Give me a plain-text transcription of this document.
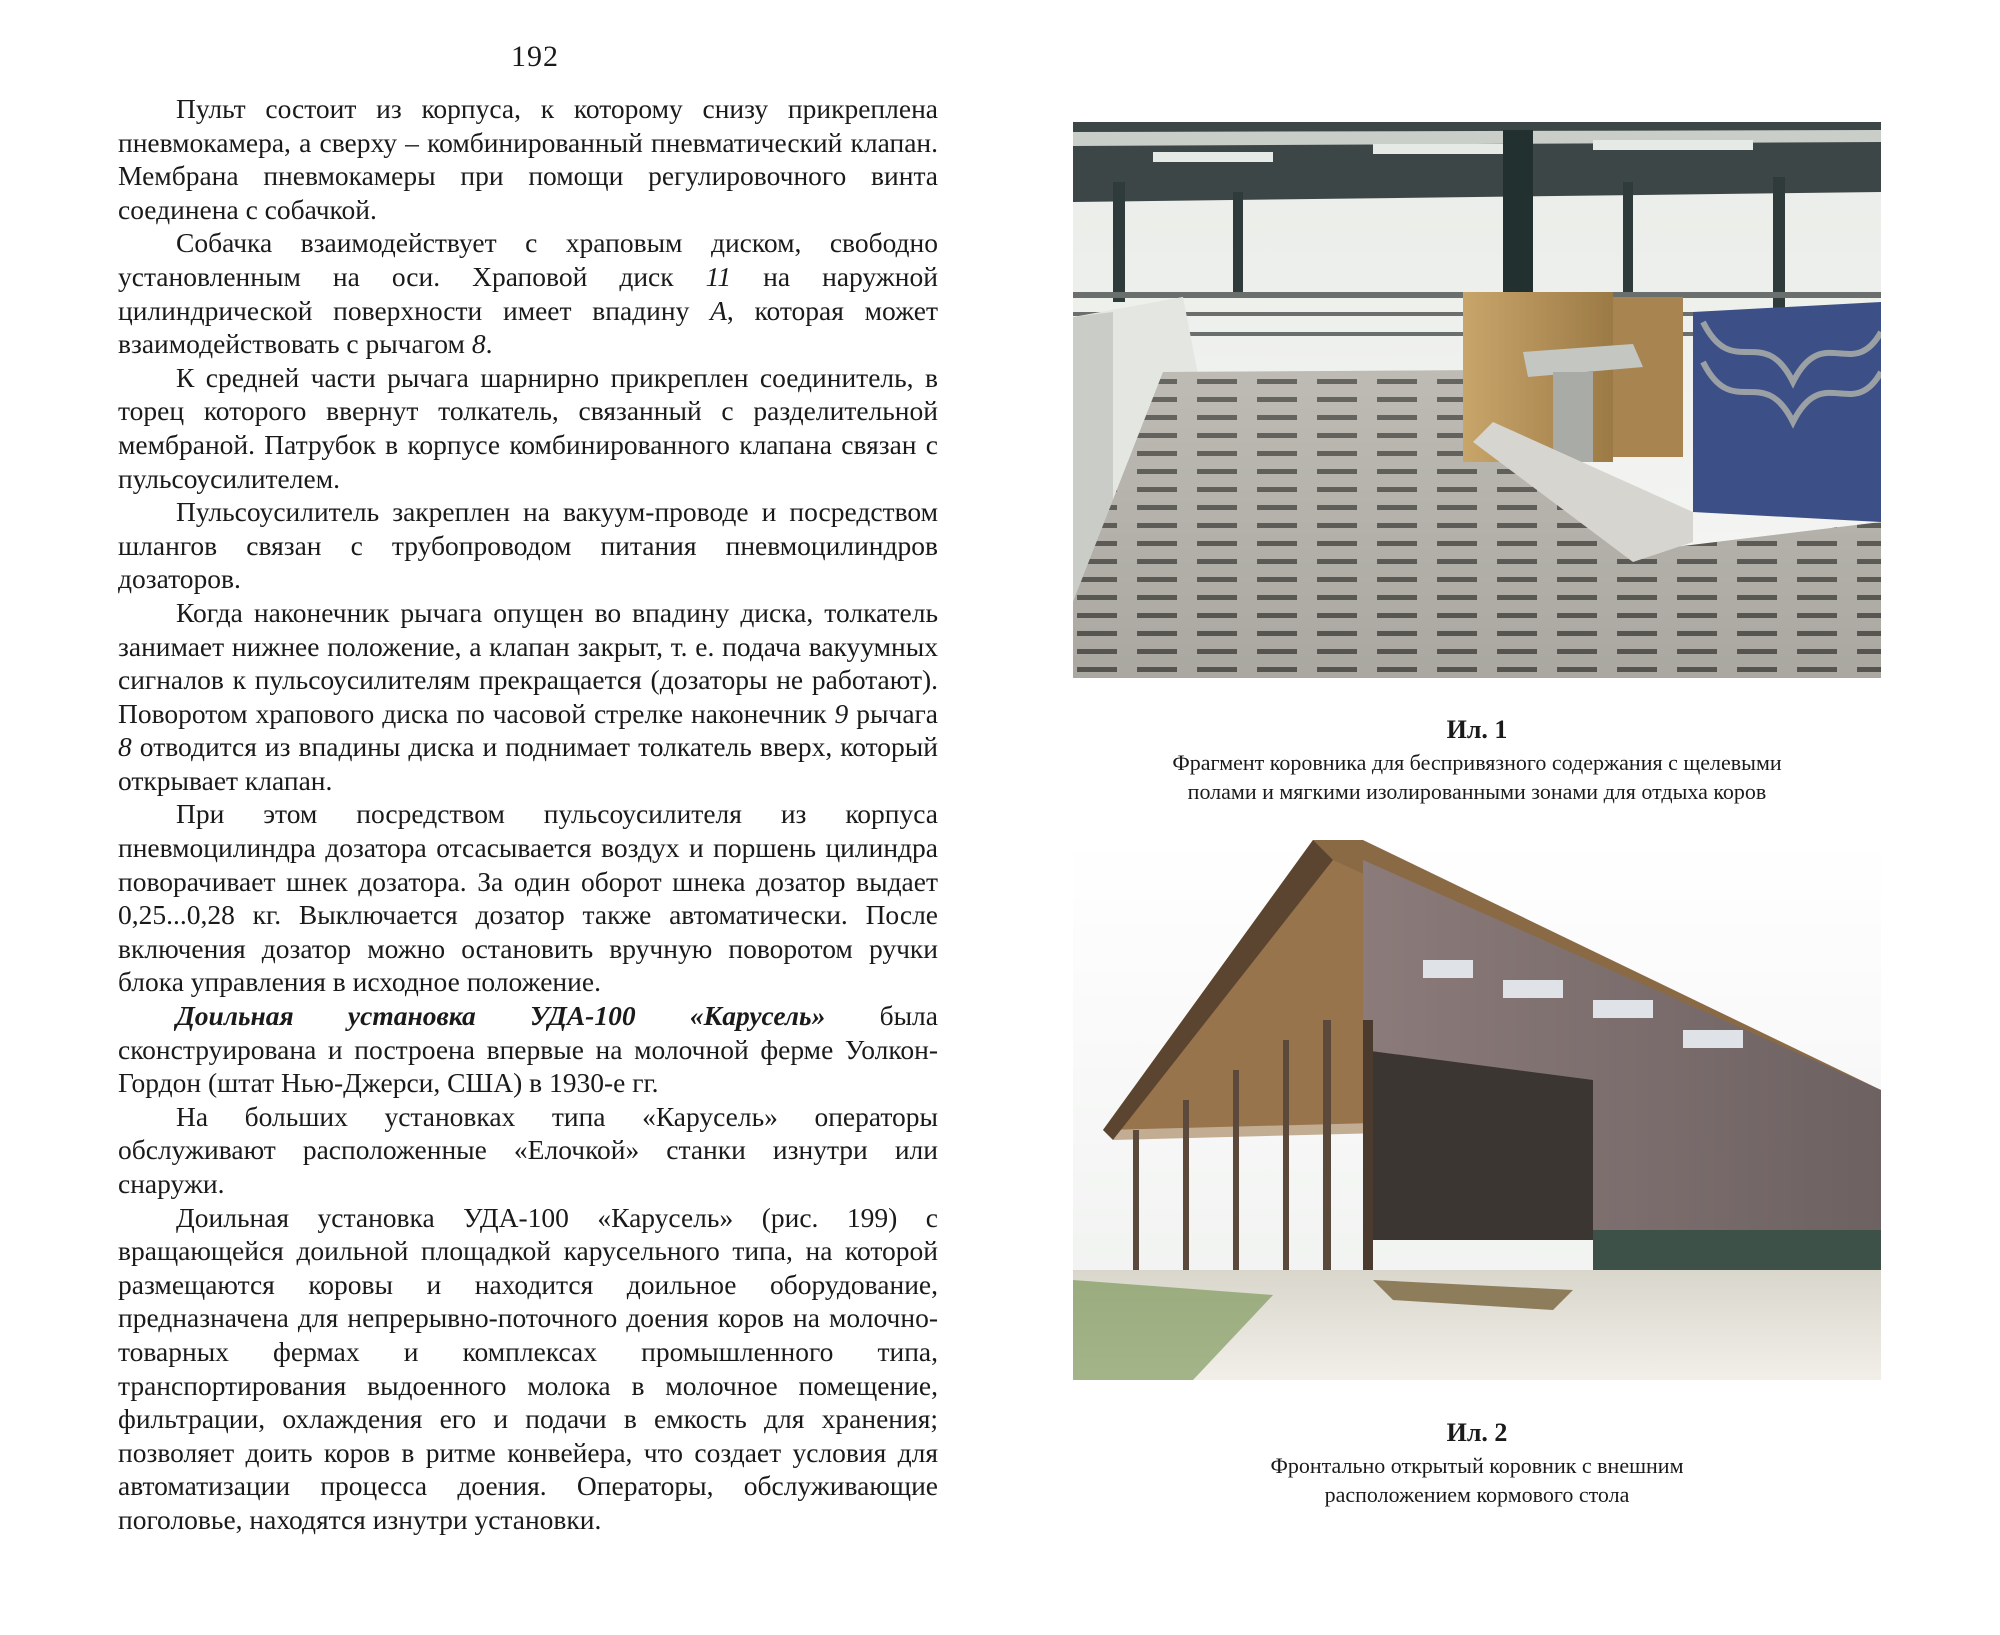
192

Пульт состоит из корпуса, к которому снизу прикреплена пневмокамера, а сверху – комбинированный пневматический клапан. Мембрана пневмокамеры при помощи регулировочного винта соединена с собачкой.

Собачка взаимодействует с храповым диском, свободно установленным на оси. Храповой диск 11 на наружной цилиндрической поверхности имеет впадину А, которая может взаимодействовать с рычагом 8.

К средней части рычага шарнирно прикреплен соединитель, в торец которого ввернут толкатель, связанный с разделительной мембраной. Патрубок в корпусе комбинированного клапана связан с пульсоусилителем.

Пульсоусилитель закреплен на вакуум-проводе и посредством шлангов связан с трубопроводом питания пневмоцилиндров дозаторов.

Когда наконечник рычага опущен во впадину диска, толкатель занимает нижнее положение, а клапан закрыт, т. е. подача вакуумных сигналов к пульсоусилителям прекращается (дозаторы не работают). Поворотом храпового диска по часовой стрелке наконечник 9 рычага 8 отводится из впадины диска и поднимает толкатель вверх, который открывает клапан.

При этом посредством пульсоусилителя из корпуса пневмоцилиндра дозатора отсасывается воздух и поршень цилиндра поворачивает шнек дозатора. За один оборот шнека дозатор выдает 0,25...0,28 кг. Выключается дозатор также автоматически. После включения дозатор можно остановить вручную поворотом ручки блока управления в исходное положение.

Доильная установка УДА-100 «Карусель» была сконструирована и построена впервые на молочной ферме Уолкон-Гордон (штат Нью-Джерси, США) в 1930-е гг.

На больших установках типа «Карусель» операторы обслуживают расположенные «Елочкой» станки изнутри или снаружи.

Доильная установка УДА-100 «Карусель» (рис. 199) с вращающейся доильной площадкой карусельного типа, на которой размещаются коровы и находится доильное оборудование, предназначена для непрерывно-поточного доения коров на молочно-товарных фермах и комплексах промышленного типа, транспортирования выдоенного молока в молочное помещение, фильтрации, охлаждения его и подачи в емкость для хранения; позволяет доить коров в ритме конвейера, что создает условия для автоматизации процесса доения. Операторы, обслуживающие поголовье, находятся изнутри установки.

Ил. 1
Фрагмент коровника для беспривязного содержания с щелевыми
полами и мягкими изолированными зонами для отдыха коров
Ил. 2
Фронтально открытый коровник с внешним
расположением кормового стола
